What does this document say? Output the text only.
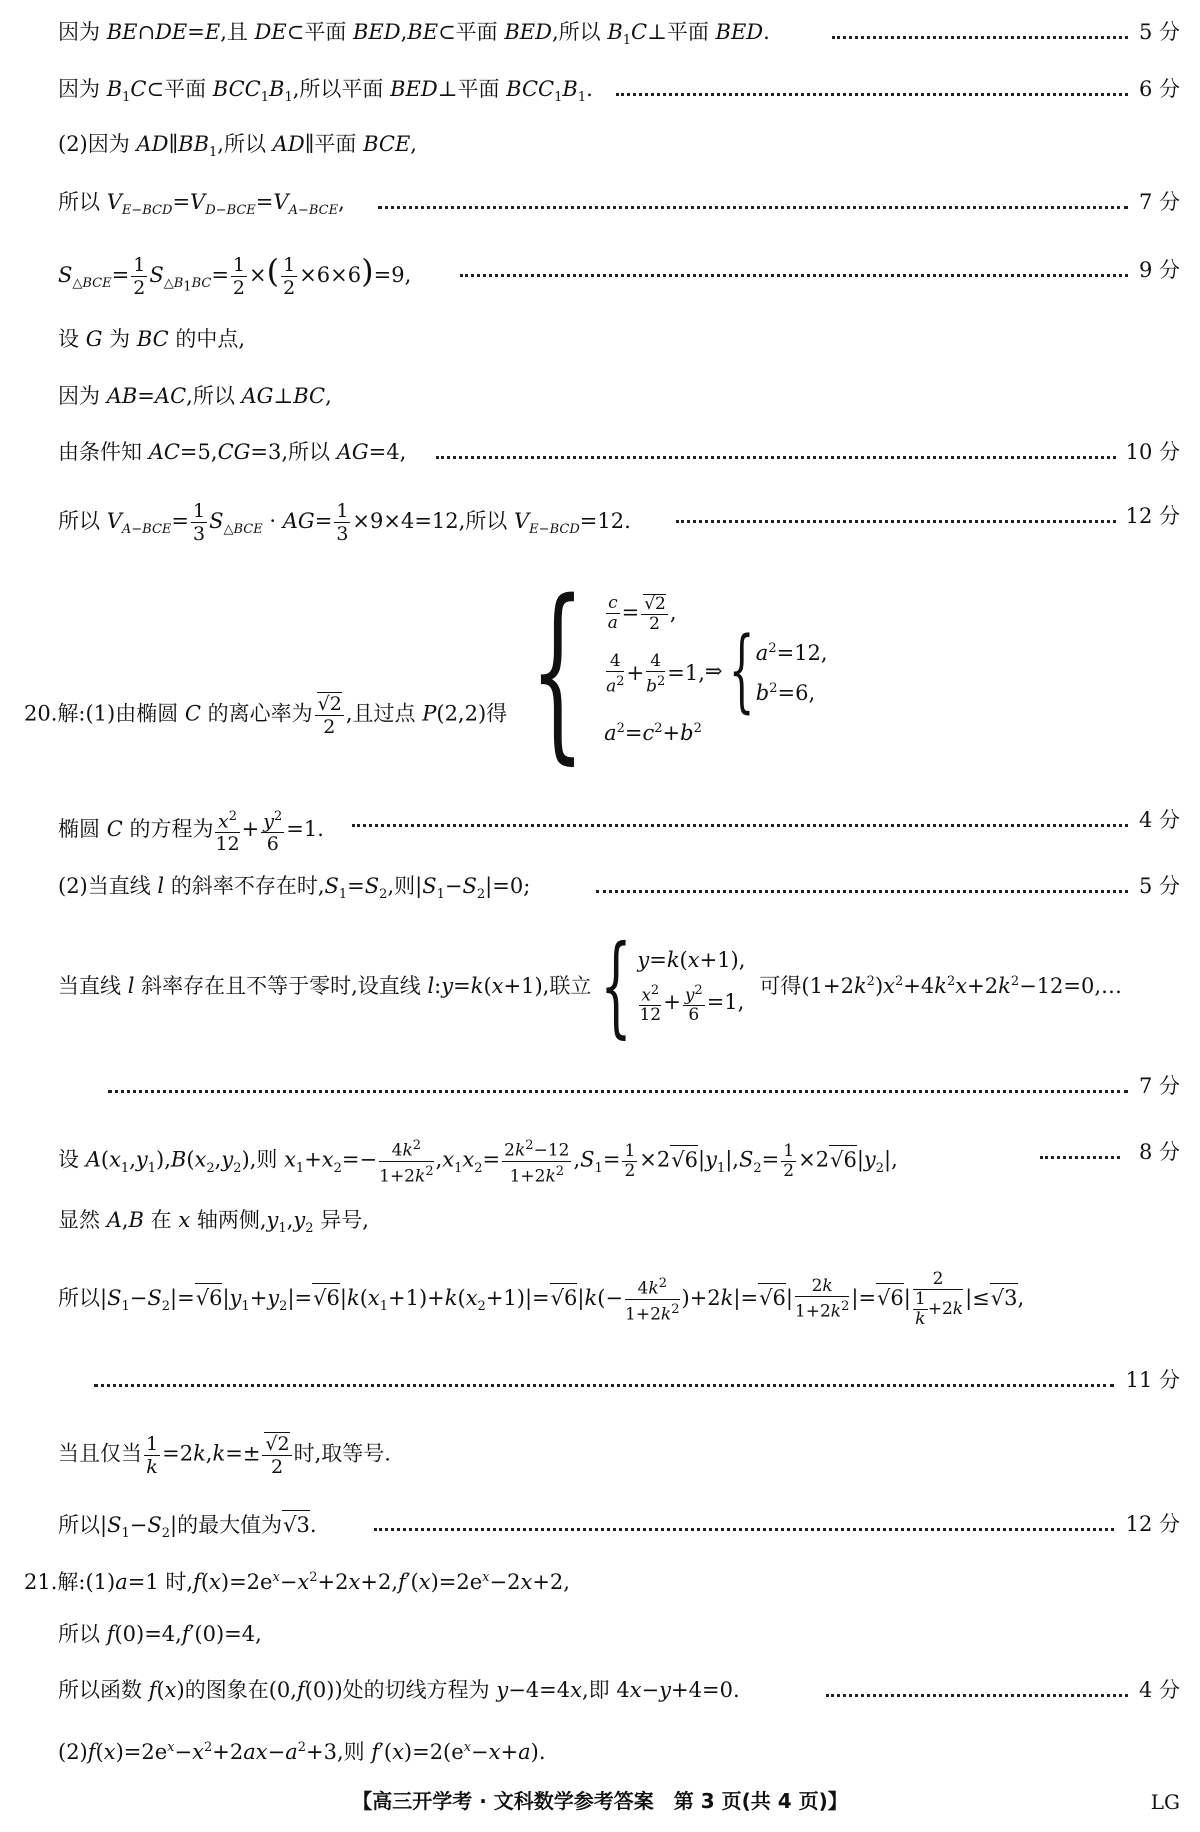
因为 BE∩DE=E,且 DE⊂平面 BED,BE⊂平面 BED,所以 $B_1C\perp$平面 BED.	5 分
因为 $B_1C\subset$平面 $BCC_1B_1$,所以平面 BED⊥平面 $BCC_1B_1$.	6 分
(2)因为 $AD\parallel BB_1$,所以 AD∥平面 BCE,
所以 $V_{E-BCD}=V_{D-BCE}=V_{A-BCE}$,	7 分
$S_{\triangle BCE}= \frac{1}{2} S_{\triangle B_1BC}= \frac{1}{2}$ ×( $\frac{1}{2} \times 6\times 6)=9$,	9 分
设 G 为 BC 的中点,
因为 AB=AC,所以 AG⊥BC,
由条件知 AC=5,CG=3,所以 AG=4,	10 分
所以 $V_{A-BCE}= \frac{1}{3} S_{\triangle BCE} \cdot AG= \frac{1}{3} \times 9\times 4=12$,所以 $V_{E-BCD}=12$.	12 分
20.解:(1)由椭圆 C 的离心率为 $\frac{√2}{2}$ ,且过点 P(2,2)得 { $\frac{c}{a} = \frac{√2}{2}$ ,
$\frac{4}{a^2} + \frac{4}{b^2} =1$,
$a^2=c^2+b^2$
⇒{ $a^2=12$,
$b^2=6$,
椭圆 C 的方程为 $\frac{x^2}{12} + \frac{y^2}{6} =1$.	4 分
(2)当直线 l 的斜率不存在时$,S_1=S_2$,则$|S_1-S_2|=0$;	5 分
当直线 l 斜率存在且不等于零时,设直线 l:y=k(x+1),联立{ y=k(x+1),
$\frac{x^2}{12} + \frac{y^2}{6} =1$,
可得$(1+2k^2)x^2+4k^2x+2k^2-12=0,\dots$
7 分
设 $A(x_1,y_1),B(x_2,y_2)$,则 $x_1+x_2=- \frac{4k^2}{1+2k^2} ,x_1x_2= \frac{2k^2-12}{1+2k^2} ,S_1= \frac{1}{2} \times 2√6|y_1|,S_2= \frac{1}{2} \times 2√6|y_2|$,	8 分
显然 A,B 在 x 轴两侧$,y_1,y_2$ 异号,
所以$|S_1-S_2|=√6|y_1+y_2|=√6|k(x_1+1)+k(x_2+1)|=√6|k(- \frac{4k^2}{1+2k^2} )+2k|=√6| \frac{2k}{1+2k^2} |=√6| \frac{2}{\frac{1}{k} +2k} |\le√3$,
11 分
当且仅当 $\frac{1}{k} =2k,k=\pm \frac{√2}{2}$ 时,取等号.
所以$|S_1-S_2|$的最大值为√3.	12 分
21.解:(1)a=1 时$,f(x)=2e^x-x^2+2x+2,f'(x)=2e^x-2x+2$,
所以 f(0)=4,f′(0)=4,
所以函数 f(x)的图象在(0,f(0))处的切线方程为 y−4=4x,即 4x−y+4=0.	4 分
$(2)f(x)=2e^x-x^2+2ax-a^2+3$,则 $f'(x)=2(e^x-x+a)$.
【高三开学考 · 文科数学参考答案　第 3 页(共 4 页)】	LG
